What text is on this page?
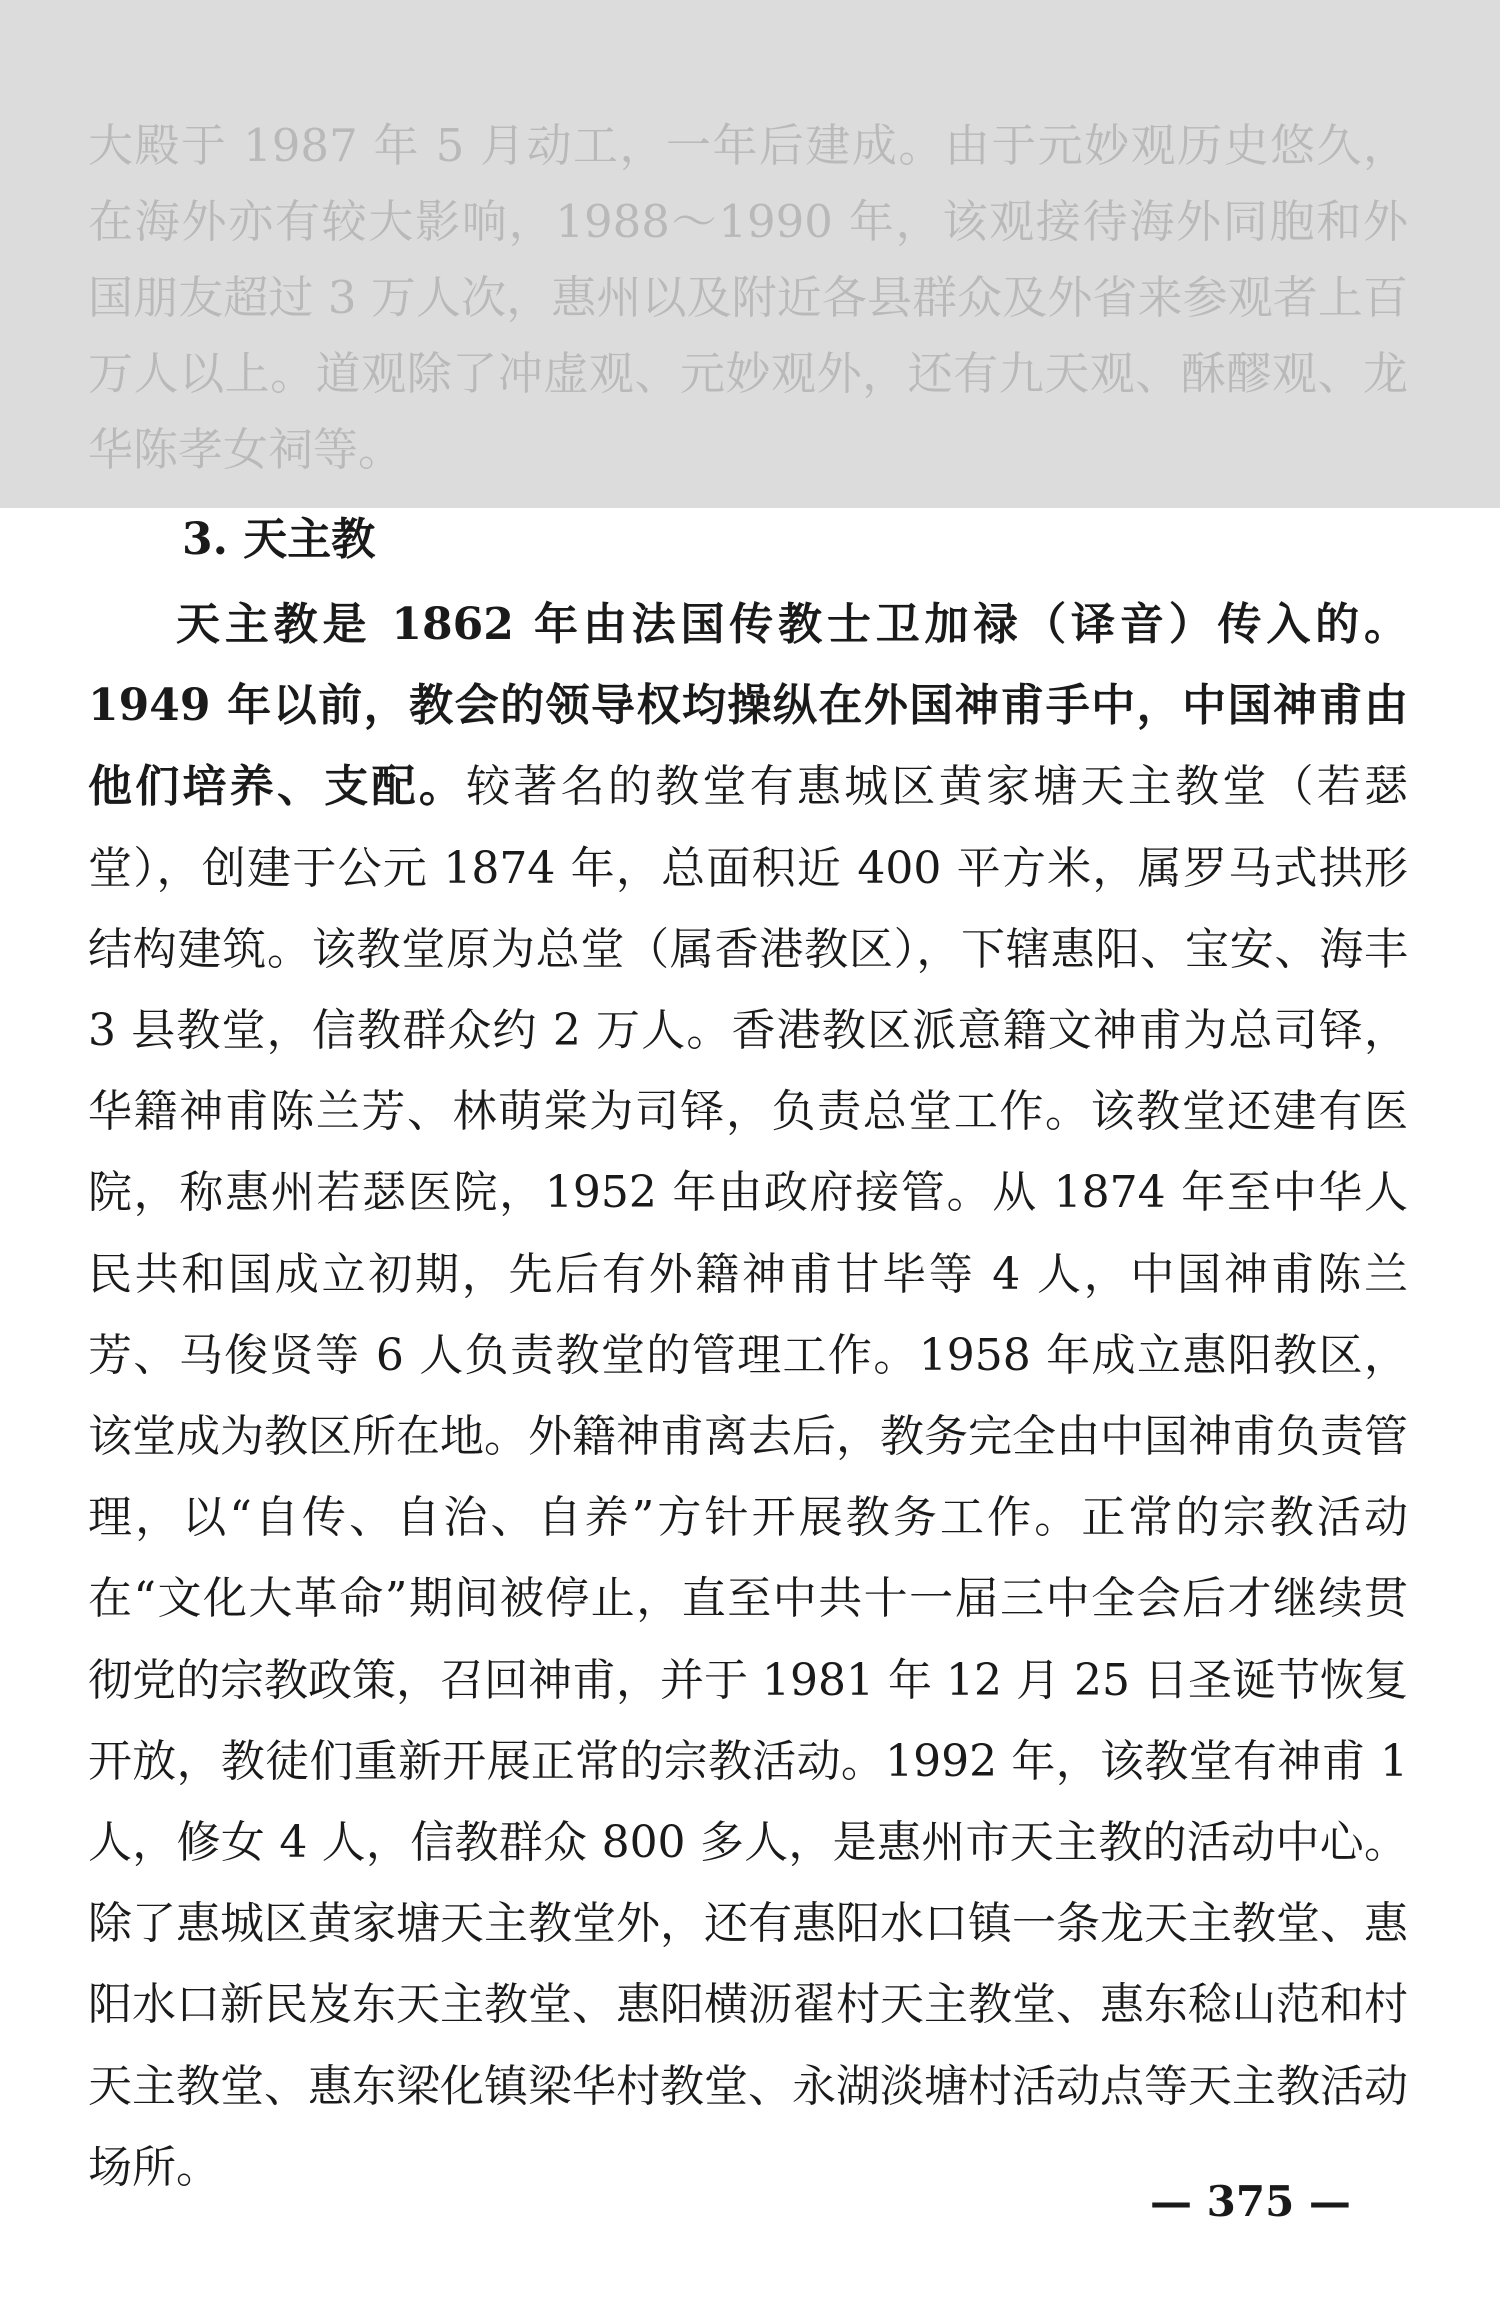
大殿于 1987 年 5 月动工，一年后建成。由于元妙观历史悠久，在海外亦有较大影响，1988～1990 年，该观接待海外同胞和外国朋友超过 3 万人次，惠州以及附近各县群众及外省来参观者上百万人以上。道观除了冲虚观、元妙观外，还有九天观、酥醪观、龙华陈孝女祠等。

3. 天主教

天主教是 1862 年由法国传教士卫加禄（译音）传入的。1949 年以前，教会的领导权均操纵在外国神甫手中，中国神甫由他们培养、支配。较著名的教堂有惠城区黄家塘天主教堂（若瑟堂），创建于公元 1874 年，总面积近 400 平方米，属罗马式拱形结构建筑。该教堂原为总堂（属香港教区），下辖惠阳、宝安、海丰 3 县教堂，信教群众约 2 万人。香港教区派意籍文神甫为总司铎，华籍神甫陈兰芳、林萌棠为司铎，负责总堂工作。该教堂还建有医院，称惠州若瑟医院，1952 年由政府接管。从 1874 年至中华人民共和国成立初期，先后有外籍神甫甘毕等 4 人，中国神甫陈兰芳、马俊贤等 6 人负责教堂的管理工作。1958 年成立惠阳教区，该堂成为教区所在地。外籍神甫离去后，教务完全由中国神甫负责管理，以“自传、自治、自养”方针开展教务工作。正常的宗教活动在“文化大革命”期间被停止，直至中共十一届三中全会后才继续贯彻党的宗教政策，召回神甫，并于 1981 年 12 月 25 日圣诞节恢复开放，教徒们重新开展正常的宗教活动。1992 年，该教堂有神甫 1 人，修女 4 人，信教群众 800 多人，是惠州市天主教的活动中心。除了惠城区黄家塘天主教堂外，还有惠阳水口镇一条龙天主教堂、惠阳水口新民岌东天主教堂、惠阳横沥翟村天主教堂、惠东稔山范和村天主教堂、惠东梁化镇梁华村教堂、永湖淡塘村活动点等天主教活动场所。

— 375 —
